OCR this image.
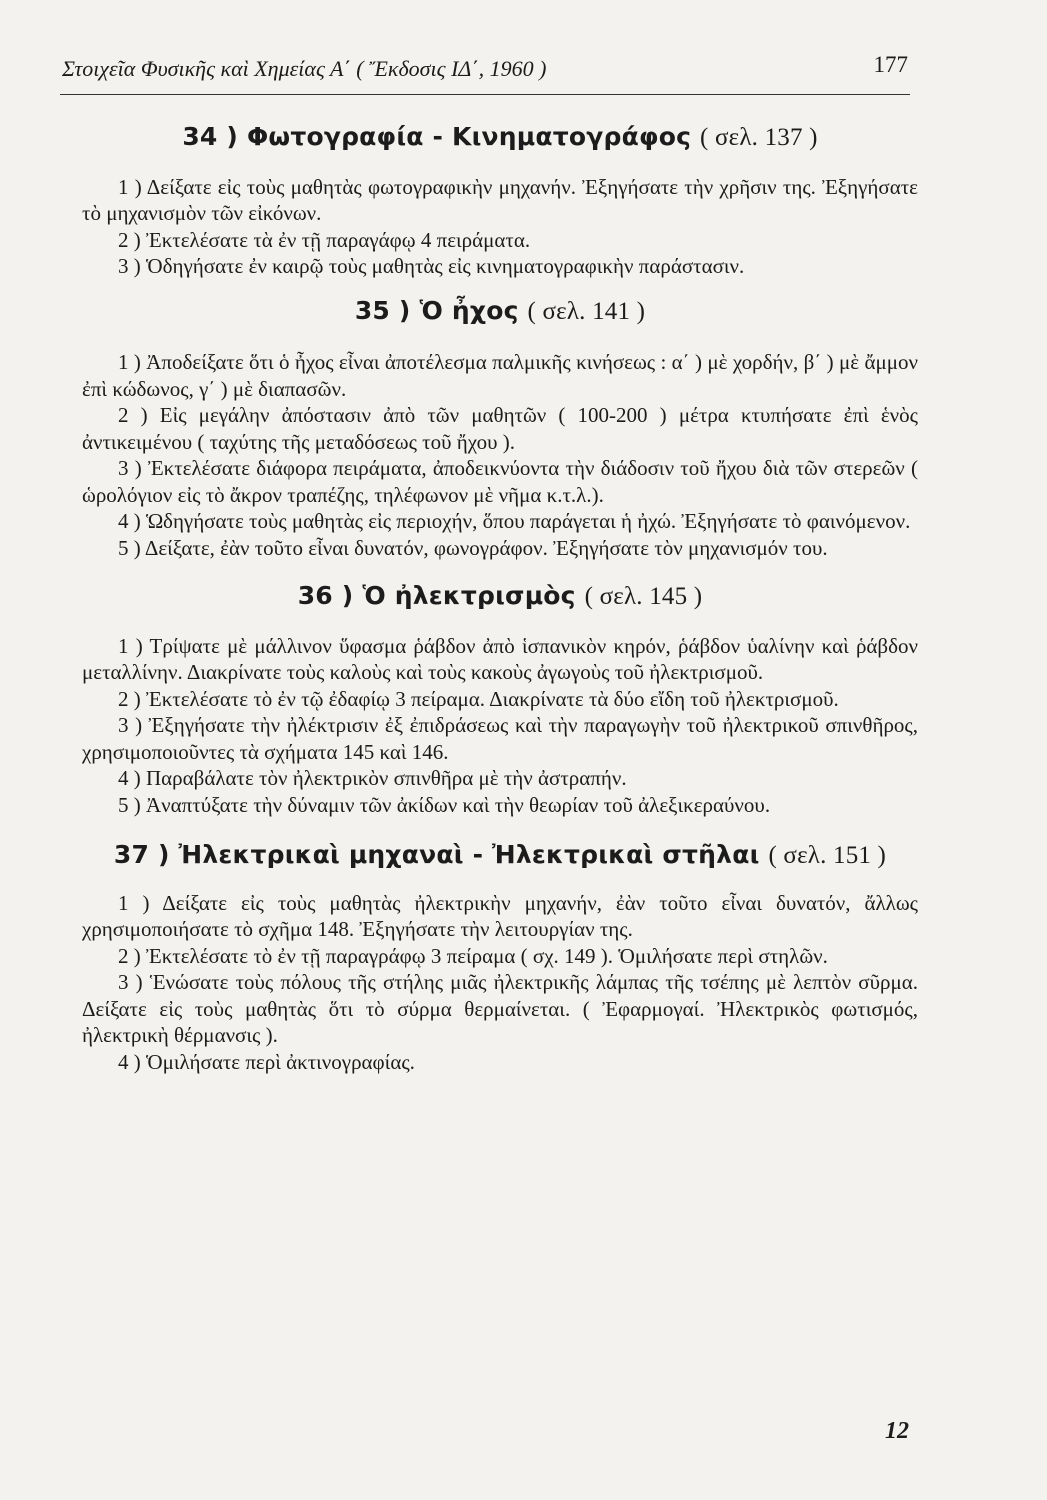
Στοιχεῖα Φυσικῆς καὶ Χημείας Α΄ ( Ἔκδοσις ΙΔ΄, 1960 )	177
34 ) Φωτογραφία - Κινηματογράφος ( σελ. 137 )

1 ) Δείξατε εἰς τοὺς μαθητὰς φωτογραφικὴν μηχανήν. Ἐξηγήσατε τὴν χρῆσιν της. Ἐξηγήσατε τὸ μηχανισμὸν τῶν εἰκόνων.

2 ) Ἐκτελέσατε τὰ ἐν τῇ παραγάφῳ 4 πειράματα.

3 ) Ὁδηγήσατε ἐν καιρῷ τοὺς μαθητὰς εἰς κινηματογραφικὴν παράστασιν.

35 ) Ὁ ἦχος ( σελ. 141 )

1 ) Ἀποδείξατε ὅτι ὁ ἦχος εἶναι ἀποτέλεσμα παλμικῆς κινήσεως : α΄ ) μὲ χορδήν, β΄ ) μὲ ἄμμον ἐπὶ κώδωνος, γ΄ ) μὲ διαπασῶν.

2 ) Εἰς μεγάλην ἀπόστασιν ἀπὸ τῶν μαθητῶν ( 100-200 ) μέτρα κτυπήσατε ἐπὶ ἑνὸς ἀντικειμένου ( ταχύτης τῆς μεταδόσεως τοῦ ἤχου ).

3 ) Ἐκτελέσατε διάφορα πειράματα, ἀποδεικνύοντα τὴν διάδοσιν τοῦ ἤχου διὰ τῶν στερεῶν ( ὡρολόγιον εἰς τὸ ἄκρον τραπέζης, τηλέφωνον μὲ νῆμα κ.τ.λ.).

4 ) Ὡδηγήσατε τοὺς μαθητὰς εἰς περιοχήν, ὅπου παράγεται ἡ ἠχώ. Ἐξηγήσατε τὸ φαινόμενον.

5 ) Δείξατε, ἐὰν τοῦτο εἶναι δυνατόν, φωνογράφον. Ἐξηγήσατε τὸν μηχανισμόν του.

36 ) Ὁ ἠλεκτρισμὸς ( σελ. 145 )

1 ) Τρίψατε μὲ μάλλινον ὕφασμα ῥάβδον ἀπὸ ἱσπανικὸν κηρόν, ῥάβδον ὑαλίνην καὶ ῥάβδον μεταλλίνην. Διακρίνατε τοὺς καλοὺς καὶ τοὺς κακοὺς ἀγωγοὺς τοῦ ἠλεκτρισμοῦ.

2 ) Ἐκτελέσατε τὸ ἐν τῷ ἐδαφίῳ 3 πείραμα. Διακρίνατε τὰ δύο εἴδη τοῦ ἠλεκτρισμοῦ.

3 ) Ἐξηγήσατε τὴν ἠλέκτρισιν ἐξ ἐπιδράσεως καὶ τὴν παραγωγὴν τοῦ ἠλεκτρικοῦ σπινθῆρος, χρησιμοποιοῦντες τὰ σχήματα 145 καὶ 146.

4 ) Παραβάλατε τὸν ἠλεκτρικὸν σπινθῆρα μὲ τὴν ἀστραπήν.

5 ) Ἀναπτύξατε τὴν δύναμιν τῶν ἀκίδων καὶ τὴν θεωρίαν τοῦ ἀλεξικεραύνου.

37 ) Ἠλεκτρικαὶ μηχαναὶ - Ἠλεκτρικαὶ στῆλαι ( σελ. 151 )

1 ) Δείξατε εἰς τοὺς μαθητὰς ἠλεκτρικὴν μηχανήν, ἐὰν τοῦτο εἶναι δυνατόν, ἄλλως χρησιμοποιήσατε τὸ σχῆμα 148. Ἐξηγήσατε τὴν λειτουργίαν της.

2 ) Ἐκτελέσατε τὸ ἐν τῇ παραγράφῳ 3 πείραμα ( σχ. 149 ). Ὁμιλήσατε περὶ στηλῶν.

3 ) Ἑνώσατε τοὺς πόλους τῆς στήλης μιᾶς ἠλεκτρικῆς λάμπας τῆς τσέπης μὲ λεπτὸν σῦρμα. Δείξατε εἰς τοὺς μαθητὰς ὅτι τὸ σύρμα θερμαίνεται. ( Ἐφαρμογαί. Ἠλεκτρικὸς φωτισμός, ἠλεκτρικὴ θέρμανσις ).

4 ) Ὁμιλήσατε περὶ ἀκτινογραφίας.

12
